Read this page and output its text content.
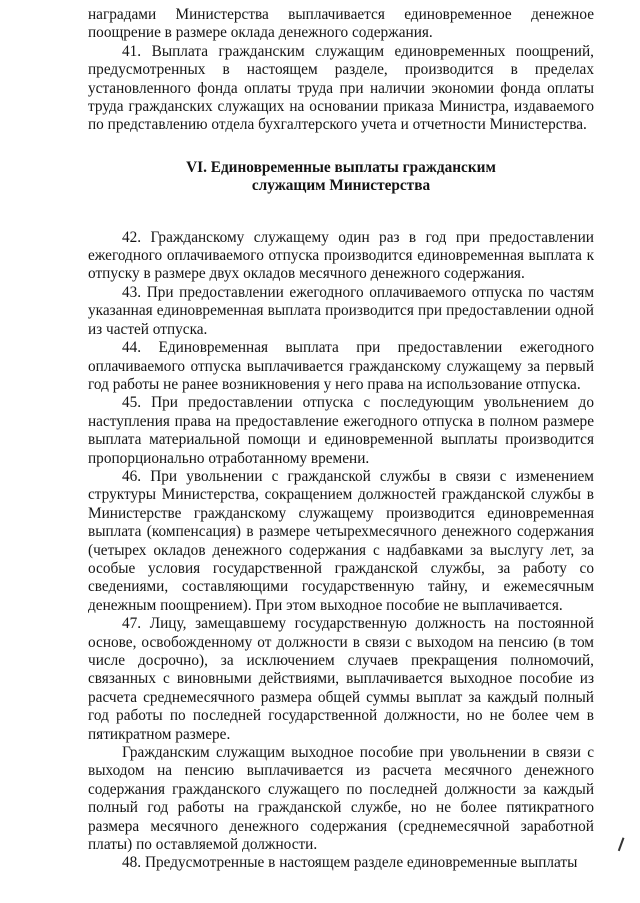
наградами Министерства выплачивается единовременное денежное поощрение в размере оклада денежного содержания.

41. Выплата гражданским служащим единовременных поощрений, предусмотренных в настоящем разделе, производится в пределах установленного фонда оплаты труда при наличии экономии фонда оплаты труда гражданских служащих на основании приказа Министра, издаваемого по представлению отдела бухгалтерского учета и отчетности Министерства.

VI. Единовременные выплаты гражданским
служащим Министерства

42. Гражданскому служащему один раз в год при предоставлении ежегодного оплачиваемого отпуска производится единовременная выплата к отпуску в размере двух окладов месячного денежного содержания.

43. При предоставлении ежегодного оплачиваемого отпуска по частям указанная единовременная выплата производится при предоставлении одной из частей отпуска.

44. Единовременная выплата при предоставлении ежегодного оплачиваемого отпуска выплачивается гражданскому служащему за первый год работы не ранее возникновения у него права на использование отпуска.

45. При предоставлении отпуска с последующим увольнением до наступления права на предоставление ежегодного отпуска в полном размере выплата материальной помощи и единовременной выплаты производится пропорционально отработанному времени.

46. При увольнении с гражданской службы в связи с изменением структуры Министерства, сокращением должностей гражданской службы в Министерстве гражданскому служащему производится единовременная выплата (компенсация) в размере четырехмесячного денежного содержания (четырех окладов денежного содержания с надбавками за выслугу лет, за особые условия государственной гражданской службы, за работу со сведениями, составляющими государственную тайну, и ежемесячным денежным поощрением). При этом выходное пособие не выплачивается.

47. Лицу, замещавшему государственную должность на постоянной основе, освобожденному от должности в связи с выходом на пенсию (в том числе досрочно), за исключением случаев прекращения полномочий, связанных с виновными действиями, выплачивается выходное пособие из расчета среднемесячного размера общей суммы выплат за каждый полный год работы по последней государственной должности, но не более чем в пятикратном размере.

Гражданским служащим выходное пособие при увольнении в связи с выходом на пенсию выплачивается из расчета месячного денежного содержания гражданского служащего по последней должности за каждый полный год работы на гражданской службе, но не более пятикратного размера месячного денежного содержания (среднемесячной заработной платы) по оставляемой должности.

48. Предусмотренные в настоящем разделе единовременные выплаты
